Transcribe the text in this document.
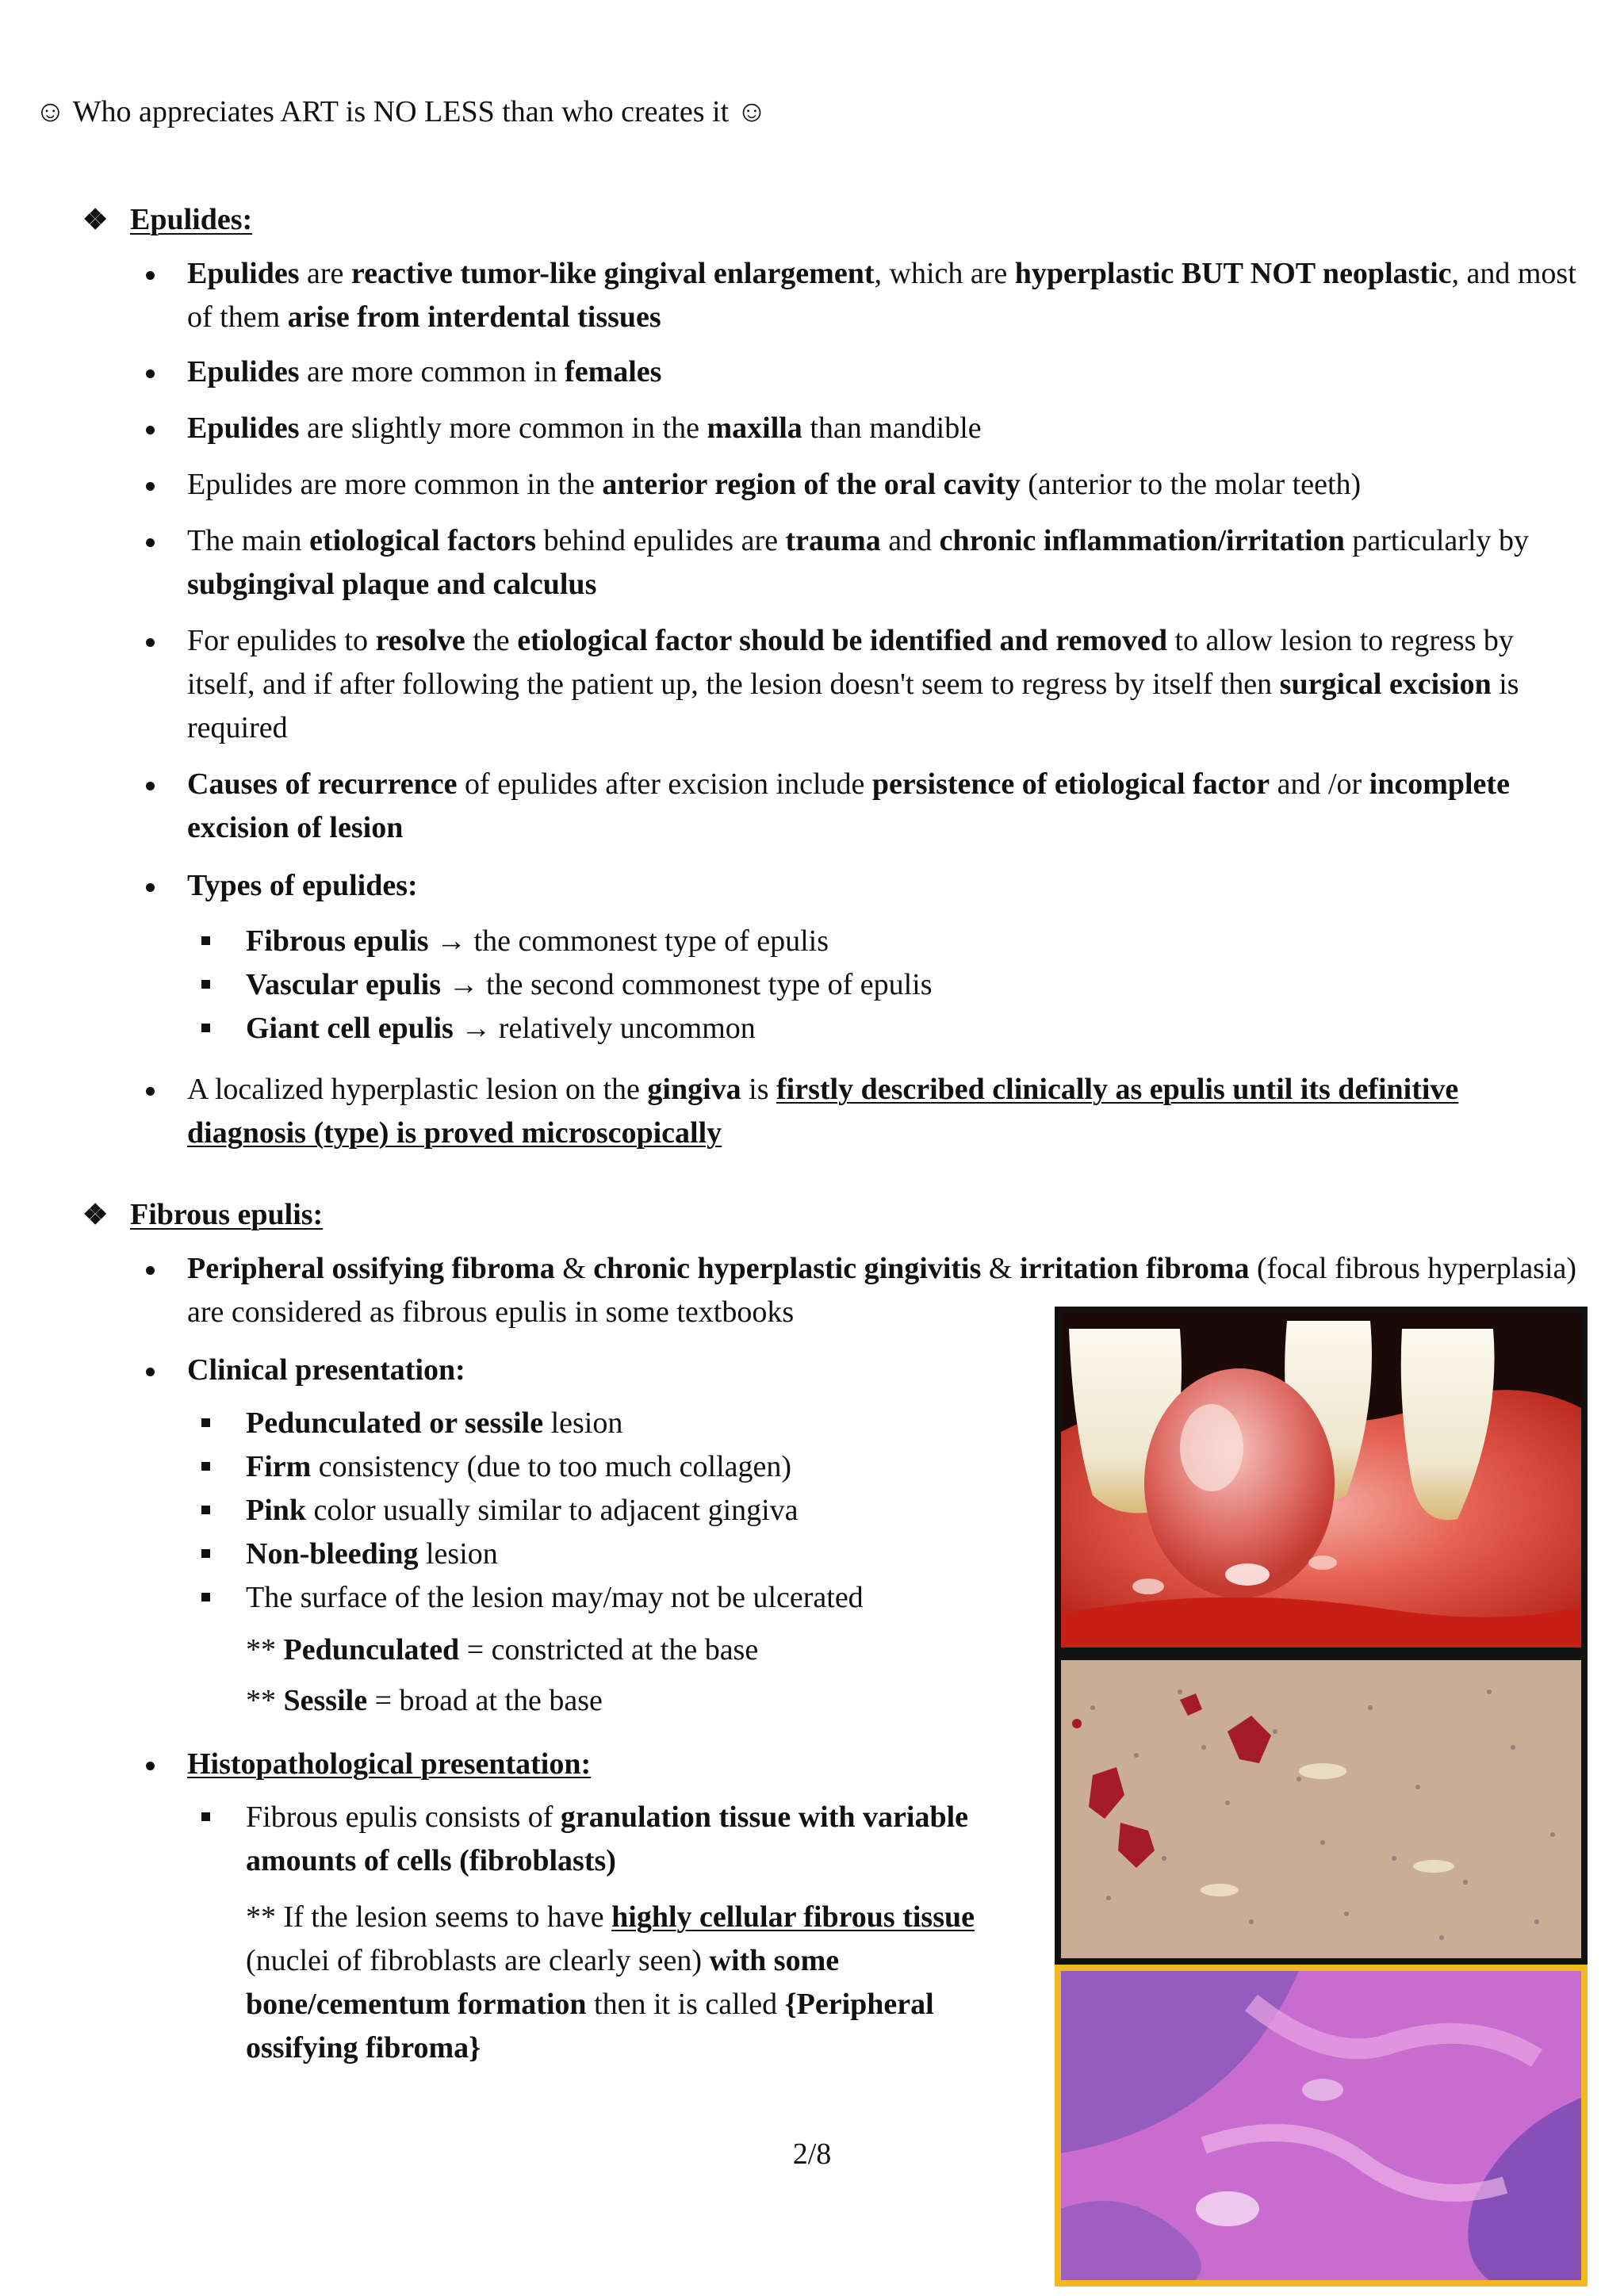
☺ Who appreciates ART is NO LESS than who creates it ☺
❖ Epulides:
Epulides are reactive tumor-like gingival enlargement, which are hyperplastic BUT NOT neoplastic, and most of them arise from interdental tissues
Epulides are more common in females
Epulides are slightly more common in the maxilla than mandible
Epulides are more common in the anterior region of the oral cavity (anterior to the molar teeth)
The main etiological factors behind epulides are trauma and chronic inflammation/irritation particularly by subgingival plaque and calculus
For epulides to resolve the etiological factor should be identified and removed to allow lesion to regress by itself, and if after following the patient up, the lesion doesn't seem to regress by itself then surgical excision is required
Causes of recurrence of epulides after excision include persistence of etiological factor and /or incomplete excision of lesion
Types of epulides:
Fibrous epulis → the commonest type of epulis
Vascular epulis → the second commonest type of epulis
Giant cell epulis → relatively uncommon
A localized hyperplastic lesion on the gingiva is firstly described clinically as epulis until its definitive diagnosis (type) is proved microscopically
❖ Fibrous epulis:
Peripheral ossifying fibroma & chronic hyperplastic gingivitis & irritation fibroma (focal fibrous hyperplasia) are considered as fibrous epulis in some textbooks
Clinical presentation:
Pedunculated or sessile lesion
Firm consistency (due to too much collagen)
Pink color usually similar to adjacent gingiva
Non-bleeding lesion
The surface of the lesion may/may not be ulcerated
** Pedunculated = constricted at the base
** Sessile = broad at the base
Histopathological presentation:
Fibrous epulis consists of granulation tissue with variable amounts of cells (fibroblasts)
** If the lesion seems to have highly cellular fibrous tissue (nuclei of fibroblasts are clearly seen) with some bone/cementum formation then it is called {Peripheral ossifying fibroma}
2/8
